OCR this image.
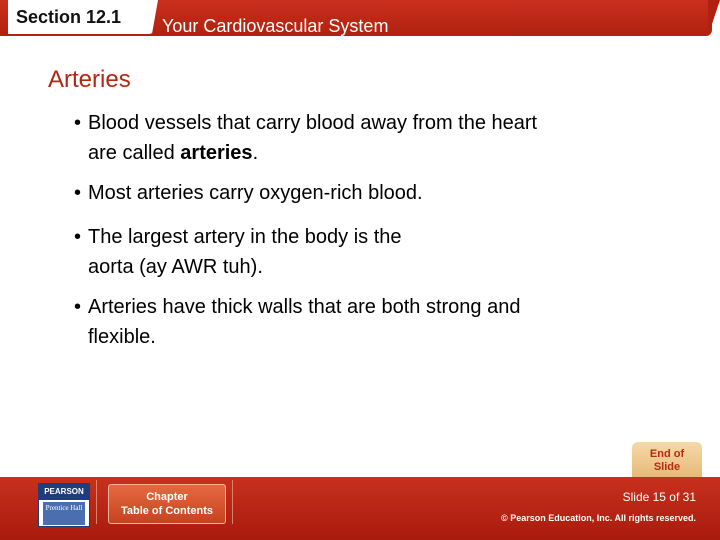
Section 12.1 Your Cardiovascular System
Arteries
• Blood vessels that carry blood away from the heart
are called arteries.
• Most arteries carry oxygen-rich blood.
• The largest artery in the body is the
aorta (ay AWR tuh).
• Arteries have thick walls that are both strong and
flexible.
End of
Slide
PEARSON
Prentice Hall
Chapter
Table of Contents
Slide 15 of 31
© Pearson Education, Inc. All rights reserved.
